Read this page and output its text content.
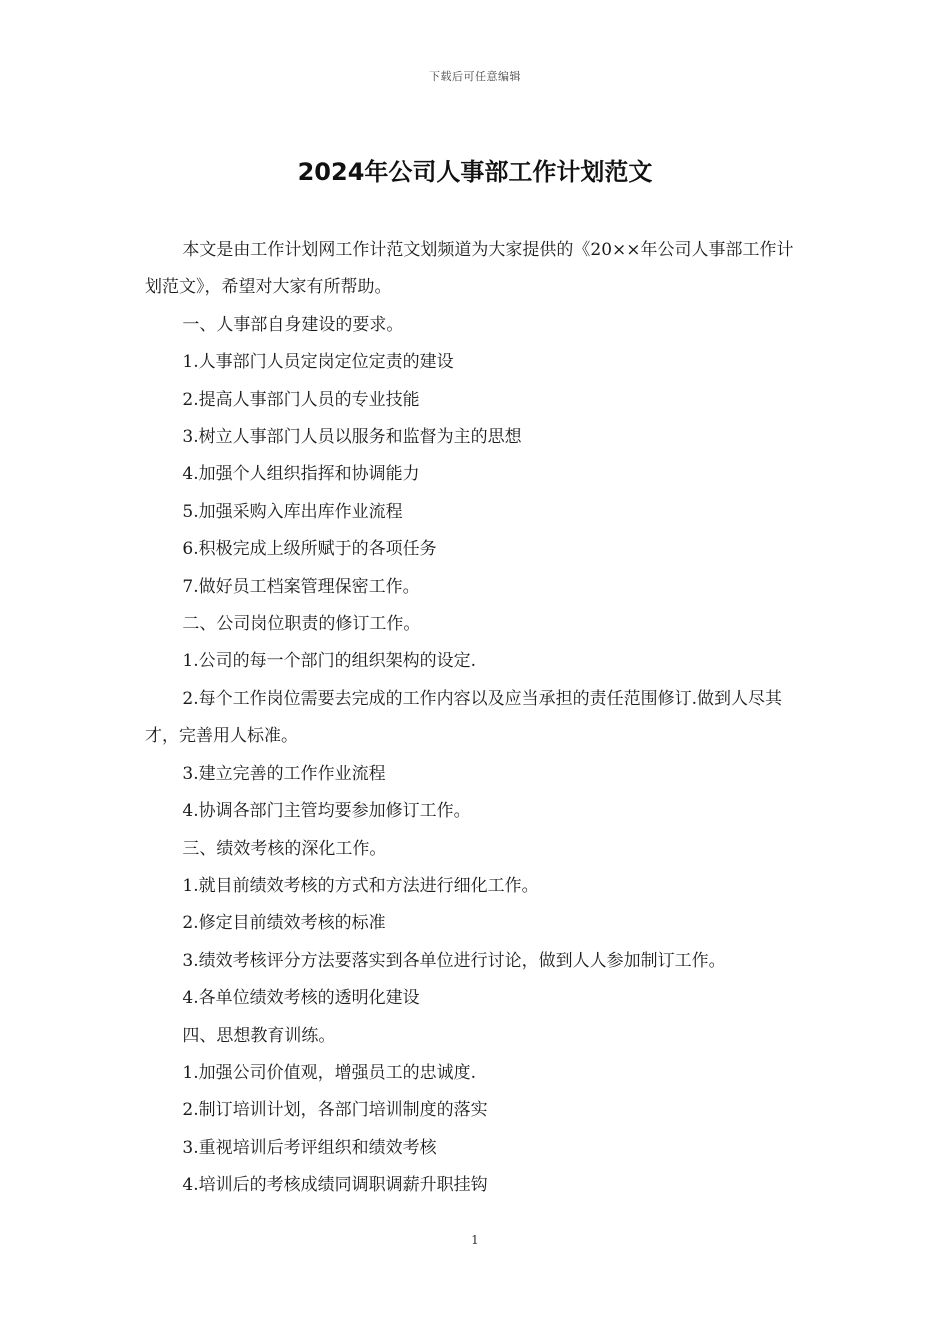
下载后可任意编辑
2024年公司人事部工作计划范文

本文是由工作计划网工作计范文划频道为大家提供的《20××年公司人事部工作计划范文》，希望对大家有所帮助。

一、人事部自身建设的要求。

1.人事部门人员定岗定位定责的建设

2.提高人事部门人员的专业技能

3.树立人事部门人员以服务和监督为主的思想

4.加强个人组织指挥和协调能力

5.加强采购入库出库作业流程

6.积极完成上级所赋于的各项任务

7.做好员工档案管理保密工作。

二、公司岗位职责的修订工作。

1.公司的每一个部门的组织架构的设定.

2.每个工作岗位需要去完成的工作内容以及应当承担的责任范围修订.做到人尽其才，完善用人标准。

3.建立完善的工作作业流程

4.协调各部门主管均要参加修订工作。

三、绩效考核的深化工作。

1.就目前绩效考核的方式和方法进行细化工作。

2.修定目前绩效考核的标准

3.绩效考核评分方法要落实到各单位进行讨论，做到人人参加制订工作。

4.各单位绩效考核的透明化建设

四、思想教育训练。

1.加强公司价值观，增强员工的忠诚度.

2.制订培训计划，各部门培训制度的落实

3.重视培训后考评组织和绩效考核

4.培训后的考核成绩同调职调薪升职挂钩

1
